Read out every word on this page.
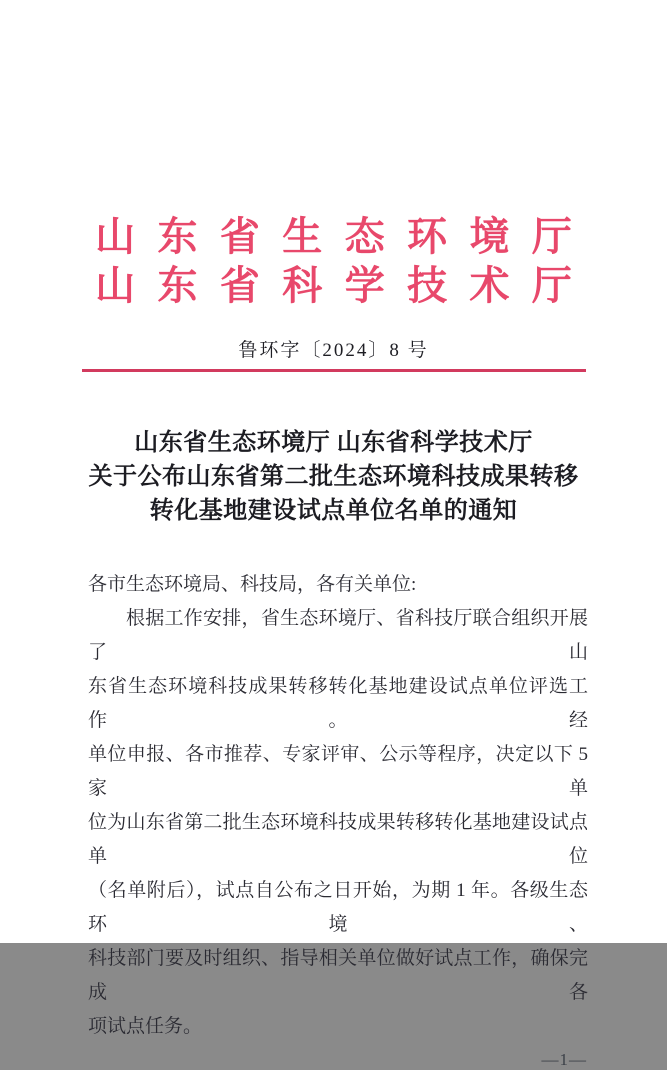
山东省生态环境厅
山东省科学技术厅
鲁环字〔2024〕8 号
山东省生态环境厅 山东省科学技术厅
关于公布山东省第二批生态环境科技成果转移
转化基地建设试点单位名单的通知
各市生态环境局、科技局，各有关单位:
根据工作安排，省生态环境厅、省科技厅联合组织开展了山
东省生态环境科技成果转移转化基地建设试点单位评选工作。经
单位申报、各市推荐、专家评审、公示等程序，决定以下 5 家单
位为山东省第二批生态环境科技成果转移转化基地建设试点单位
（名单附后），试点自公布之日开始，为期 1 年。各级生态环境、
科技部门要及时组织、指导相关单位做好试点工作，确保完成各
项试点任务。
—1—
